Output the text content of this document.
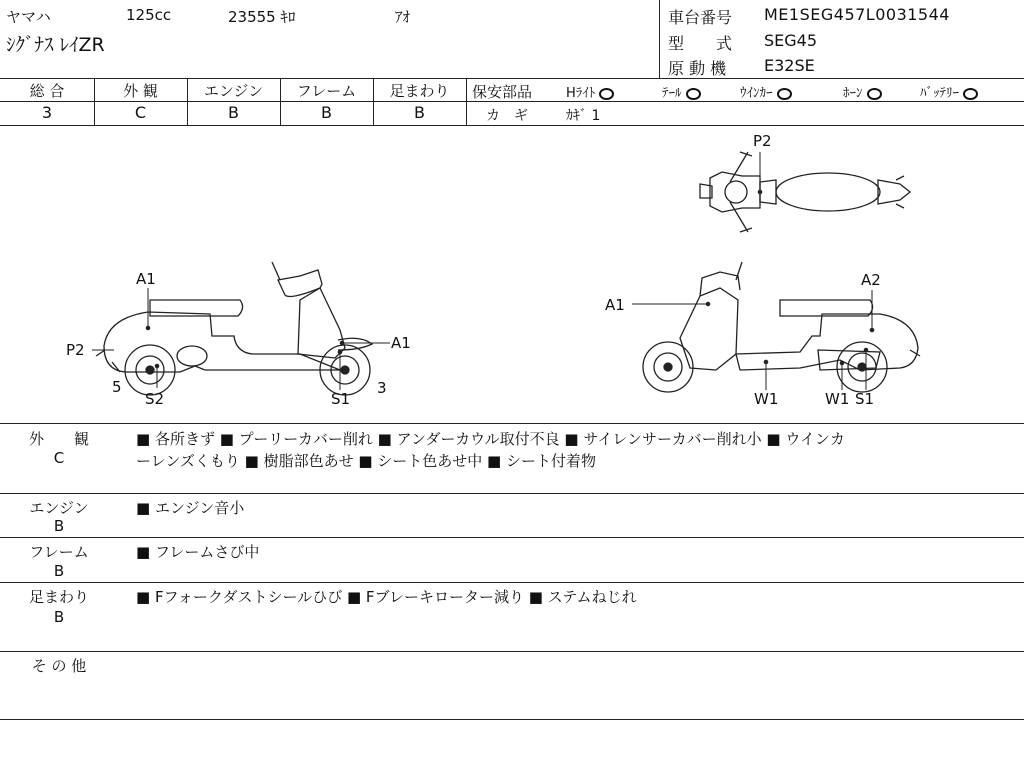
ヤマハ	125cc	23555 ｷﾛ	ｱｵ
ｼｸﾞﾅｽ ﾚｲZR
車台番号 ME1SEG457L0031544
型　　式 SEG45
原 動 機 E32SE
総 合
3
外 観
C
エンジン
B
フレーム
B
足まわり
B
保安部品	Hﾗｲﾄ	ﾃｰﾙ	ｳｲﾝｶｰ	ﾎｰﾝ	ﾊﾞｯﾃﾘｰ
カ　ギ	ｶｷﾞ 1
A1
P2	A1
5	3
S2	S1
P2
A1
A2
W1	W1 S1
外　　観
C
■ 各所きず ■ プーリーカバー削れ ■ アンダーカウル取付不良 ■ サイレンサーカバー削れ小 ■ ウインカ
ーレンズくもり ■ 樹脂部色あせ ■ シート色あせ中 ■ シート付着物
エンジン
B
■ エンジン音小
フレーム
B
■ フレームさび中
足まわり
B
■ Fフォークダストシールひび ■ Fブレーキローター減り ■ ステムねじれ
そ の 他
